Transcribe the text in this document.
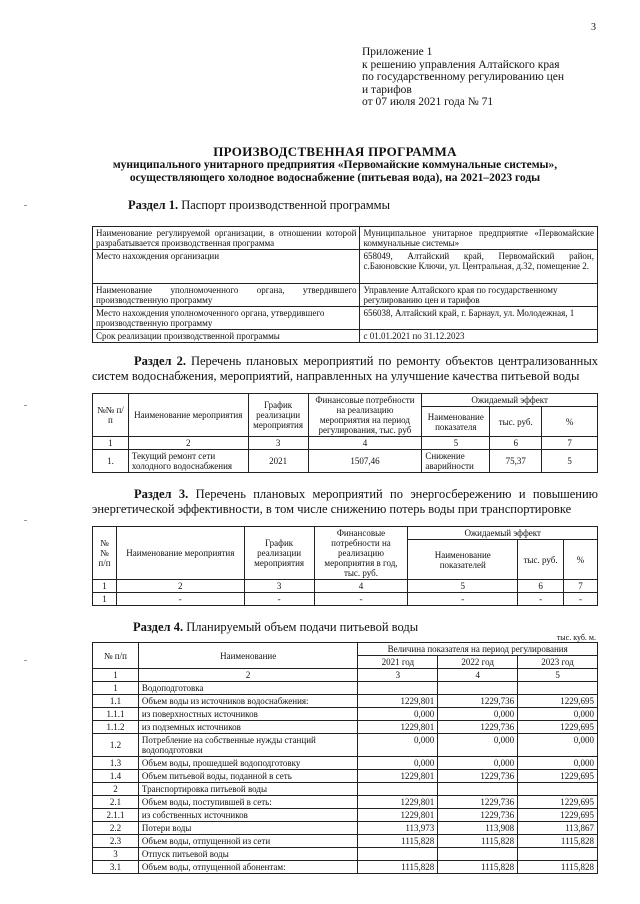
3
Приложение 1
к решению управления Алтайского края
по государственному регулированию цен
и тарифов
от 07 июля 2021 года № 71
ПРОИЗВОДСТВЕННАЯ ПРОГРАММА
муниципального унитарного предприятия «Первомайские коммунальные системы»,
осуществляющего холодное водоснабжение (питьевая вода), на 2021–2023 годы
Раздел 1. Паспорт производственной программы
Наименование регулируемой организации, в отношении которой разрабатывается производственная программа	Муниципальное унитарное предприятие «Первомайские коммунальные системы»
Место нахождения организации	658049, Алтайский край, Первомайский район, с.Баюновские Ключи, ул. Центральная, д.32, помещение 2.
Наименование уполномоченного органа, утвердившего производственную программу	Управление Алтайского края по государственному регулированию цен и тарифов
Место нахождения уполномоченного органа, утвердившего производственную программу	656038, Алтайский край, г. Барнаул, ул. Молодежная, 1
Срок реализации производственной программы	с 01.01.2021 по 31.12.2023
Раздел 2. Перечень плановых мероприятий по ремонту объектов централизованных систем водоснабжения, мероприятий, направленных на улучшение качества питьевой воды
№№ п/п	Наименование мероприятия	График реализации мероприятия	Финансовые потребности на реализацию мероприятия на период регулирования, тыс. руб	Ожидаемый эффект		
				Наименование показателя	тыс. руб.	%
1	2	3	4	5	6	7
1.	Текущий ремонт сети холодного водоснабжения	2021	1507,46	Снижение аварийности	75,37	5
Раздел 3. Перечень плановых мероприятий по энергосбережению и повышению энергетической эффективности, в том числе снижению потерь воды при транспортировке
№№ п/п	Наименование мероприятия	График реализации мероприятия	Финансовые потребности на реализацию мероприятия в год, тыс. руб.	Ожидаемый эффект		
				Наименование показателей	тыс. руб.	%
1	2	3	4	5	6	7
1	-	-	-	-	-	-
Раздел 4. Планируемый объем подачи питьевой воды
тыс. куб. м.
№ п/п	Наименование	Величина показателя на период регулирования		
		2021 год	2022 год	2023 год
1	2	3	4	5
1	Водоподготовка			
1.1	Объем воды из источников водоснабжения:	1229,801	1229,736	1229,695
1.1.1	из поверхностных источников	0,000	0,000	0,000
1.1.2	из подземных источников	1229,801	1229,736	1229,695
1.2	Потребление на собственные нужды станций водоподготовки	0,000	0,000	0,000
1.3	Объем воды, прошедшей водоподготовку	0,000	0,000	0,000
1.4	Объем питьевой воды, поданной в сеть	1229,801	1229,736	1229,695
2	Транспортировка питьевой воды			
2.1	Объем воды, поступившей в сеть:	1229,801	1229,736	1229,695
2.1.1	из собственных источников	1229,801	1229,736	1229,695
2.2	Потери воды	113,973	113,908	113,867
2.3	Объем воды, отпущенной из сети	1115,828	1115,828	1115,828
3	Отпуск питьевой воды			
3.1	Объем воды, отпущенной абонентам:	1115,828	1115,828	1115,828
